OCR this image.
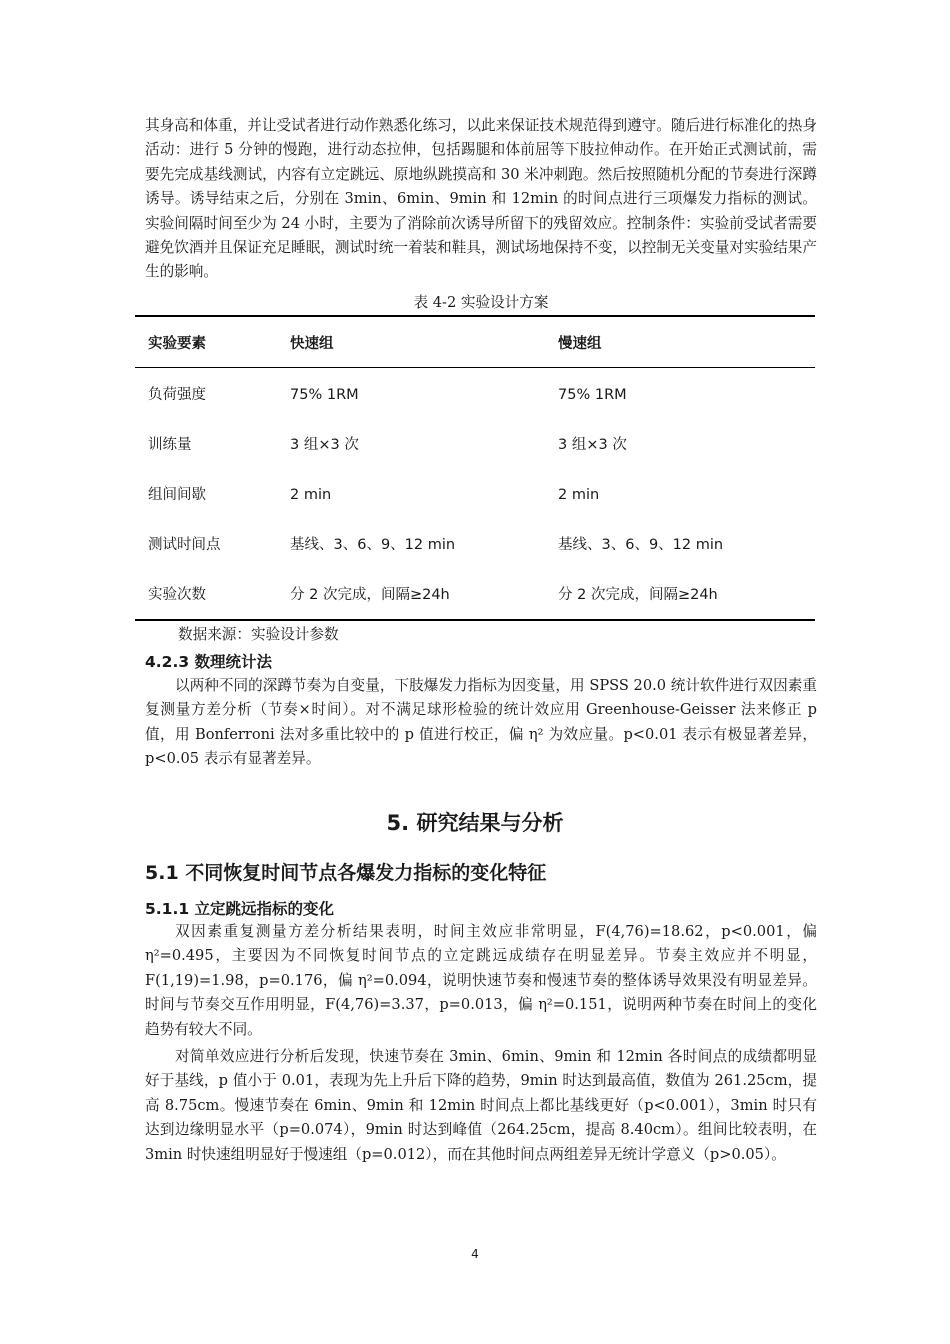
其身高和体重，并让受试者进行动作熟悉化练习，以此来保证技术规范得到遵守。随后进行标准化的热身活动：进行 5 分钟的慢跑，进行动态拉伸，包括踢腿和体前屈等下肢拉伸动作。在开始正式测试前，需要先完成基线测试，内容有立定跳远、原地纵跳摸高和 30 米冲刺跑。然后按照随机分配的节奏进行深蹲诱导。诱导结束之后，分别在 3min、6min、9min 和 12min 的时间点进行三项爆发力指标的测试。实验间隔时间至少为 24 小时，主要为了消除前次诱导所留下的残留效应。控制条件：实验前受试者需要避免饮酒并且保证充足睡眠，测试时统一着装和鞋具，测试场地保持不变，以控制无关变量对实验结果产生的影响。

表 4-2 实验设计方案
实验要素	快速组	慢速组
负荷强度	75% 1RM	75% 1RM
训练量	3 组×3 次	3 组×3 次
组间间歇	2 min	2 min
测试时间点	基线、3、6、9、12 min	基线、3、6、9、12 min
实验次数	分 2 次完成，间隔≥24h	分 2 次完成，间隔≥24h
数据来源：实验设计参数
4.2.3 数理统计法

以两种不同的深蹲节奏为自变量，下肢爆发力指标为因变量，用 SPSS 20.0 统计软件进行双因素重复测量方差分析（节奏×时间）。对不满足球形检验的统计效应用 Greenhouse-Geisser 法来修正 p 值，用 Bonferroni 法对多重比较中的 p 值进行校正，偏 η² 为效应量。p<0.01 表示有极显著差异，p<0.05 表示有显著差异。

5. 研究结果与分析
5.1 不同恢复时间节点各爆发力指标的变化特征
5.1.1 立定跳远指标的变化

双因素重复测量方差分析结果表明，时间主效应非常明显，F(4,76)=18.62，p<0.001，偏 η²=0.495，主要因为不同恢复时间节点的立定跳远成绩存在明显差异。节奏主效应并不明显，F(1,19)=1.98，p=0.176，偏 η²=0.094，说明快速节奏和慢速节奏的整体诱导效果没有明显差异。时间与节奏交互作用明显，F(4,76)=3.37，p=0.013，偏 η²=0.151，说明两种节奏在时间上的变化趋势有较大不同。

对简单效应进行分析后发现，快速节奏在 3min、6min、9min 和 12min 各时间点的成绩都明显好于基线，p 值小于 0.01，表现为先上升后下降的趋势，9min 时达到最高值，数值为 261.25cm，提高 8.75cm。慢速节奏在 6min、9min 和 12min 时间点上都比基线更好（p<0.001），3min 时只有达到边缘明显水平（p=0.074），9min 时达到峰值（264.25cm，提高 8.40cm）。组间比较表明，在 3min 时快速组明显好于慢速组（p=0.012），而在其他时间点两组差异无统计学意义（p>0.05）。

4
